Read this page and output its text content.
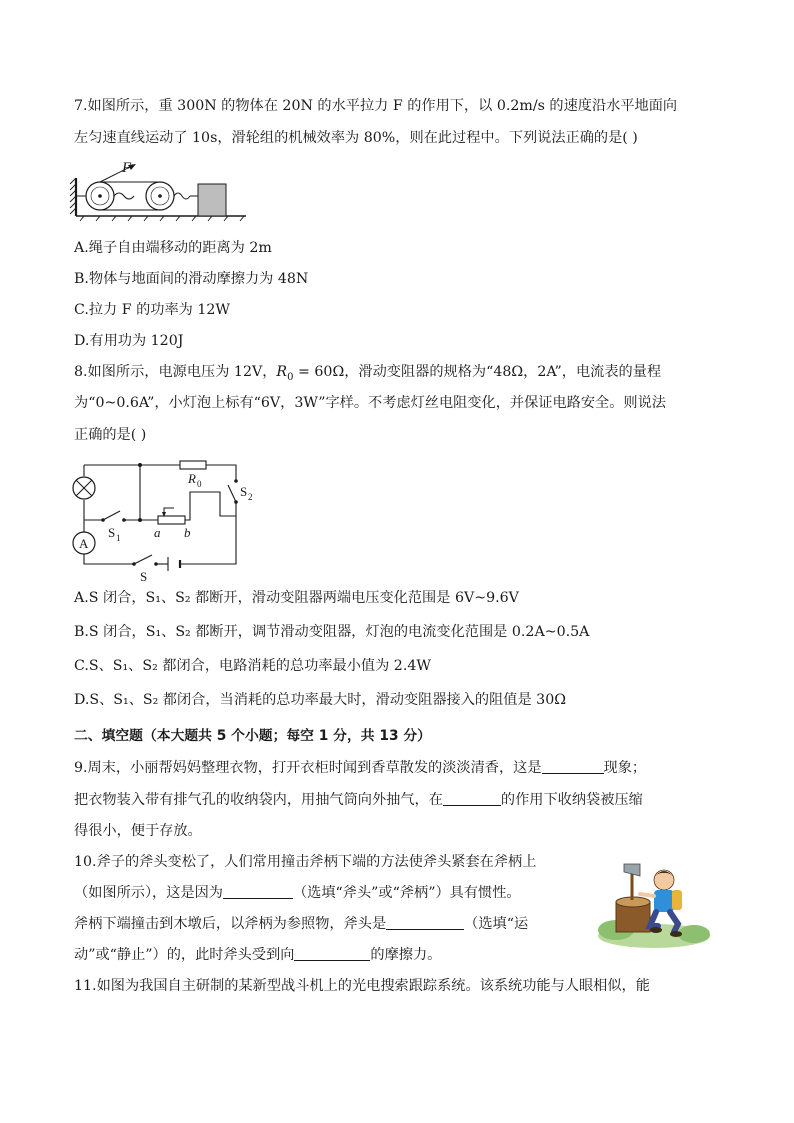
7.如图所示，重 300N 的物体在 20N 的水平拉力 F 的作用下，以 0.2m/s 的速度沿水平地面向
左匀速直线运动了 10s，滑轮组的机械效率为 80%，则在此过程中。下列说法正确的是( )
F
A.绳子自由端移动的距离为 2m
B.物体与地面间的滑动摩擦力为 48N
C.拉力 F 的功率为 12W
D.有用功为 120J
8.如图所示，电源电压为 12V，$R_0 = 60\Omega$，滑动变阻器的规格为“48Ω，2A”，电流表的量程
为“0~0.6A”，小灯泡上标有“6V，3W”字样。不考虑灯丝电阻变化，并保证电路安全。则说法
正确的是( )
A
R 0	S 2
S 1	a b
S
A.S 闭合，S₁、S₂ 都断开，滑动变阻器两端电压变化范围是 6V~9.6V
B.S 闭合，S₁、S₂ 都断开，调节滑动变阻器，灯泡的电流变化范围是 0.2A~0.5A
C.S、S₁、S₂ 都闭合，电路消耗的总功率最小值为 2.4W
D.S、S₁、S₂ 都闭合，当消耗的总功率最大时，滑动变阻器接入的阻值是 30Ω
二、填空题（本大题共 5 个小题；每空 1 分，共 13 分）
9.周末，小丽帮妈妈整理衣物，打开衣柜时闻到香草散发的淡淡清香，这是	现象；
把衣物装入带有排气孔的收纳袋内，用抽气筒向外抽气，在	的作用下收纳袋被压缩
得很小，便于存放。
10.斧子的斧头变松了，人们常用撞击斧柄下端的方法使斧头紧套在斧柄上
（如图所示），这是因为	（选填“斧头”或“斧柄”）具有惯性。
斧柄下端撞击到木墩后，以斧柄为参照物，斧头是	（选填“运
动”或“静止”）的，此时斧头受到向	的摩擦力。
11.如图为我国自主研制的某新型战斗机上的光电搜索跟踪系统。该系统功能与人眼相似，能
